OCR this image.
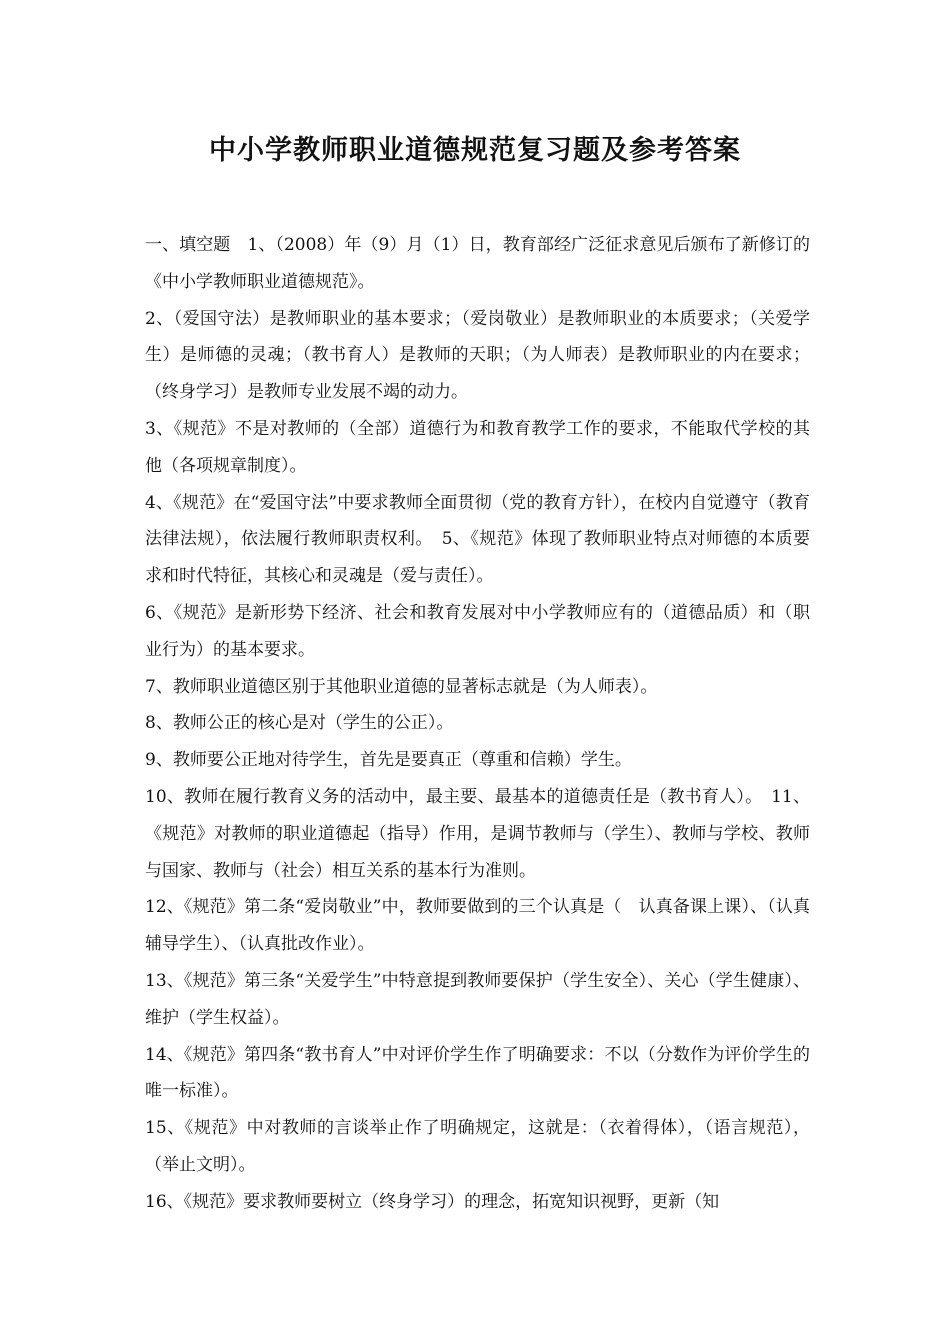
中小学教师职业道德规范复习题及参考答案

一、填空题　1、（2008）年（9）月（1）日，教育部经广泛征求意见后颁布了新修订的《中小学教师职业道德规范》。

2、（爱国守法）是教师职业的基本要求；（爱岗敬业）是教师职业的本质要求；（关爱学生）是师德的灵魂；（教书育人）是教师的天职；（为人师表）是教师职业的内在要求；（终身学习）是教师专业发展不竭的动力。

3、《规范》不是对教师的（全部）道德行为和教育教学工作的要求，不能取代学校的其他（各项规章制度）。

4、《规范》在“爱国守法”中要求教师全面贯彻（党的教育方针），在校内自觉遵守（教育法律法规），依法履行教师职责权利。　5、《规范》体现了教师职业特点对师德的本质要求和时代特征，其核心和灵魂是（爱与责任）。

6、《规范》是新形势下经济、社会和教育发展对中小学教师应有的（道德品质）和（职业行为）的基本要求。

7、教师职业道德区别于其他职业道德的显著标志就是（为人师表）。

8、教师公正的核心是对（学生的公正）。

9、教师要公正地对待学生，首先是要真正（尊重和信赖）学生。

10、教师在履行教育义务的活动中，最主要、最基本的道德责任是（教书育人）。　11、《规范》对教师的职业道德起（指导）作用，是调节教师与（学生）、教师与学校、教师与国家、教师与（社会）相互关系的基本行为准则。

12、《规范》第二条“爱岗敬业”中，教师要做到的三个认真是（　认真备课上课）、（认真辅导学生）、（认真批改作业）。

13、《规范》第三条“关爱学生”中特意提到教师要保护（学生安全）、关心（学生健康）、维护（学生权益）。

14、《规范》第四条“教书育人”中对评价学生作了明确要求：不以（分数作为评价学生的唯一标准）。

15、《规范》中对教师的言谈举止作了明确规定，这就是：（衣着得体），（语言规范），（举止文明）。

16、《规范》要求教师要树立（终身学习）的理念，拓宽知识视野，更新（知
